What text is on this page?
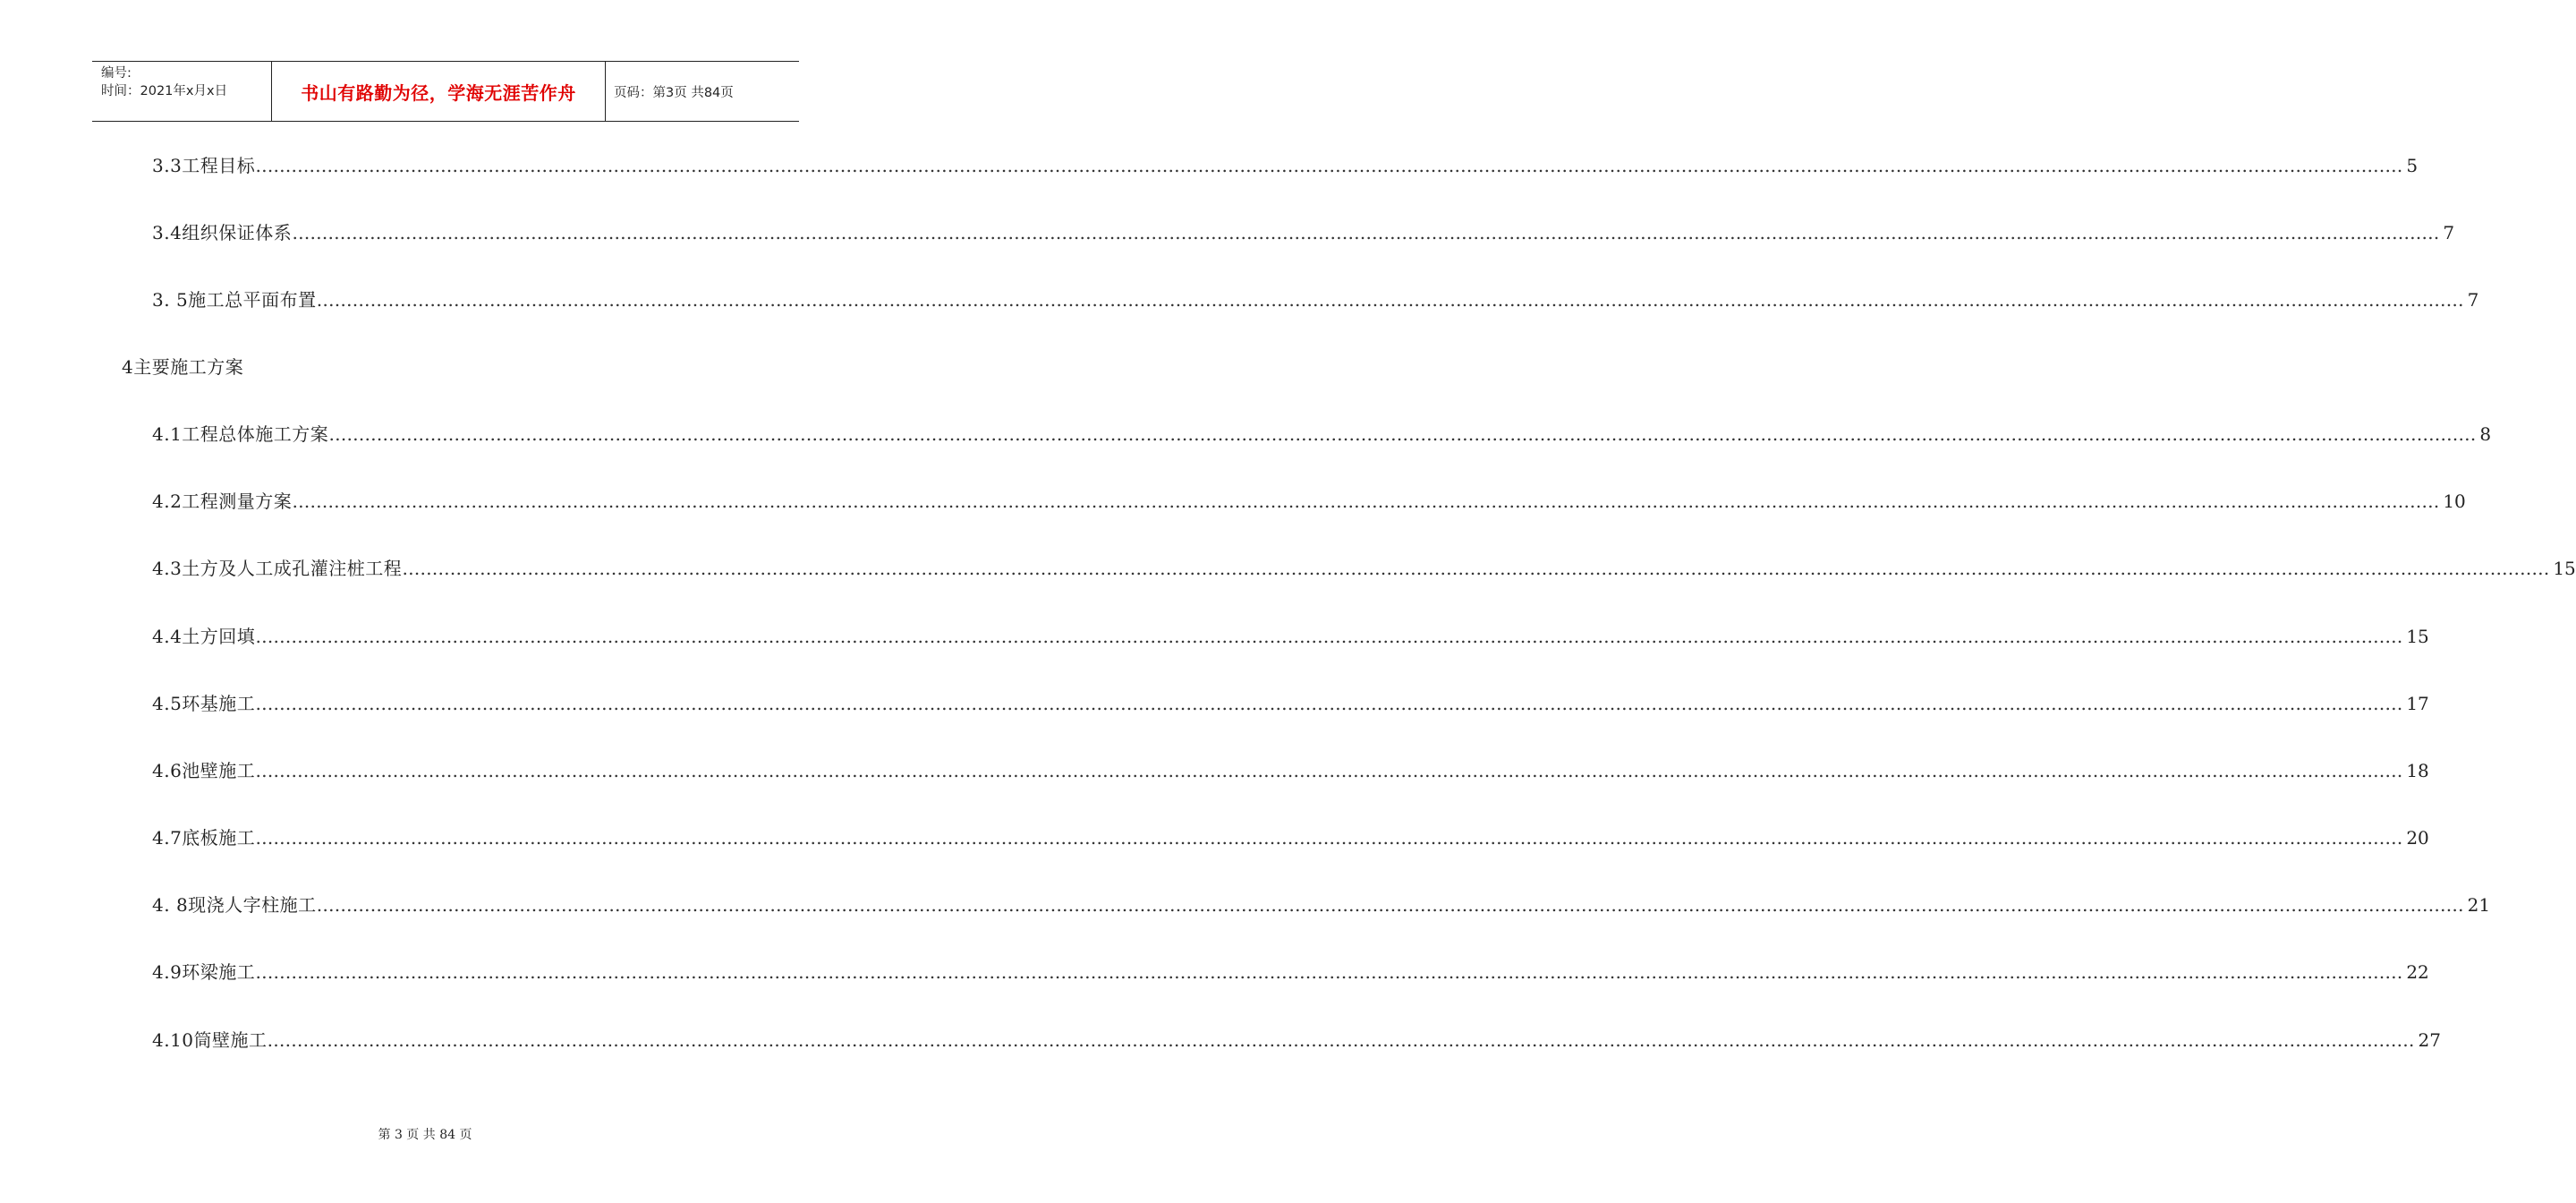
编号:
时间：2021年x月x日	书山有路勤为径，学海无涯苦作舟	页码：第3页 共84页
3.3工程目标 ……………………………………………………………………………………………………………………………………………………………………………………………………………………………………………………………………………………………………………………………… 5
3.4组织保证体系 ……………………………………………………………………………………………………………………………………………………………………………………………………………………………………………………………………………………………………………………………… 7
3. 5施工总平面布置 ……………………………………………………………………………………………………………………………………………………………………………………………………………………………………………………………………………………………………………………………… 7
4主要施工方案
4.1工程总体施工方案 ……………………………………………………………………………………………………………………………………………………………………………………………………………………………………………………………………………………………………………………………… 8
4.2工程测量方案 ……………………………………………………………………………………………………………………………………………………………………………………………………………………………………………………………………………………………………………………………… 10
4.3土方及人工成孔灌注桩工程 ……………………………………………………………………………………………………………………………………………………………………………………………………………………………………………………………………………………………………………………………… 15
4.4土方回填 ……………………………………………………………………………………………………………………………………………………………………………………………………………………………………………………………………………………………………………………………… 15
4.5环基施工 ……………………………………………………………………………………………………………………………………………………………………………………………………………………………………………………………………………………………………………………………… 17
4.6池壁施工 ……………………………………………………………………………………………………………………………………………………………………………………………………………………………………………………………………………………………………………………………… 18
4.7底板施工 ……………………………………………………………………………………………………………………………………………………………………………………………………………………………………………………………………………………………………………………………… 20
4. 8现浇人字柱施工 ……………………………………………………………………………………………………………………………………………………………………………………………………………………………………………………………………………………………………………………………… 21
4.9环梁施工 ……………………………………………………………………………………………………………………………………………………………………………………………………………………………………………………………………………………………………………………………… 22
4.10筒壁施工 ……………………………………………………………………………………………………………………………………………………………………………………………………………………………………………………………………………………………………………………………… 27
第 3 页 共 84 页
